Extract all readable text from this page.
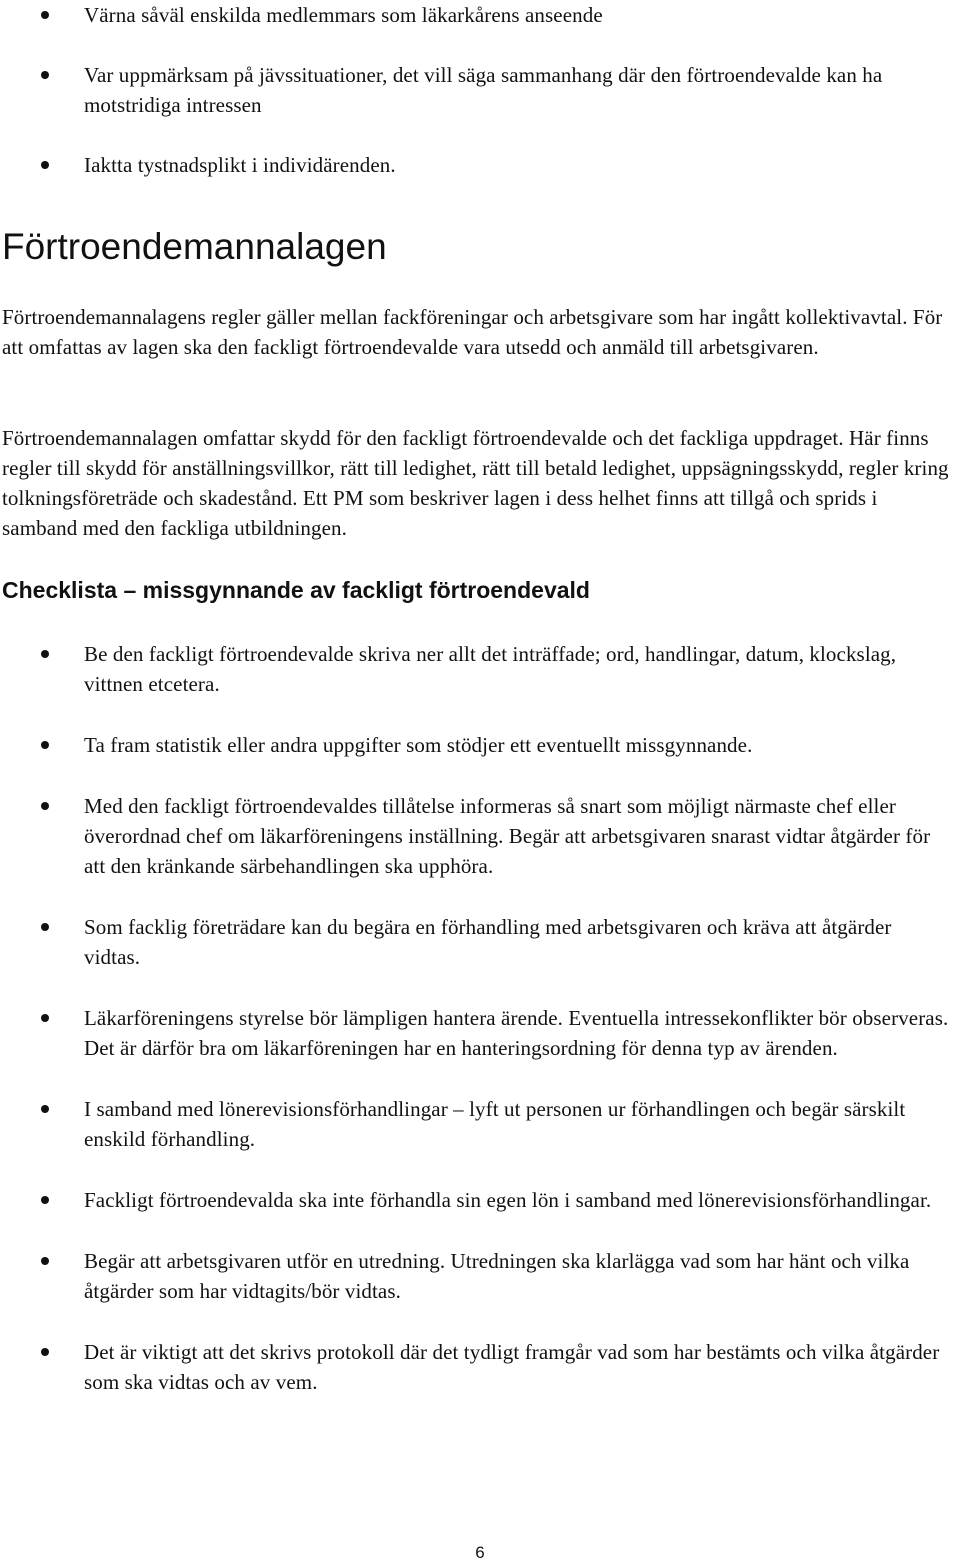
Värna såväl enskilda medlemmars som läkarkårens anseende
Var uppmärksam på jävssituationer, det vill säga sammanhang där den förtroendevalde kan ha motstridiga intressen
Iaktta tystnadsplikt i individärenden.
Förtroendemannalagen

Förtroendemannalagens regler gäller mellan fackföreningar och arbetsgivare som har ingått kollektivavtal. För att omfattas av lagen ska den fackligt förtroendevalde vara utsedd och anmäld till arbetsgivaren.

Förtroendemannalagen omfattar skydd för den fackligt förtroendevalde och det fackliga uppdraget. Här finns regler till skydd för anställningsvillkor, rätt till ledighet, rätt till betald ledighet, uppsägningsskydd, regler kring tolkningsföreträde och skadestånd. Ett PM som beskriver lagen i dess helhet finns att tillgå och sprids i samband med den fackliga utbildningen.

Checklista – missgynnande av fackligt förtroendevald
Be den fackligt förtroendevalde skriva ner allt det inträffade; ord, handlingar, datum, klockslag, vittnen etcetera.
Ta fram statistik eller andra uppgifter som stödjer ett eventuellt missgynnande.
Med den fackligt förtroendevaldes tillåtelse informeras så snart som möjligt närmaste chef eller överordnad chef om läkarföreningens inställning. Begär att arbetsgivaren snarast vidtar åtgärder för att den kränkande särbehandlingen ska upphöra.
Som facklig företrädare kan du begära en förhandling med arbetsgivaren och kräva att åtgärder vidtas.
Läkarföreningens styrelse bör lämpligen hantera ärende. Eventuella intressekonflikter bör observeras. Det är därför bra om läkarföreningen har en hanteringsordning för denna typ av ärenden.
I samband med lönerevisionsförhandlingar – lyft ut personen ur förhandlingen och begär särskilt enskild förhandling.
Fackligt förtroendevalda ska inte förhandla sin egen lön i samband med lönerevisionsförhandlingar.
Begär att arbetsgivaren utför en utredning. Utredningen ska klarlägga vad som har hänt och vilka åtgärder som har vidtagits/bör vidtas.
Det är viktigt att det skrivs protokoll där det tydligt framgår vad som har bestämts och vilka åtgärder som ska vidtas och av vem.
6
